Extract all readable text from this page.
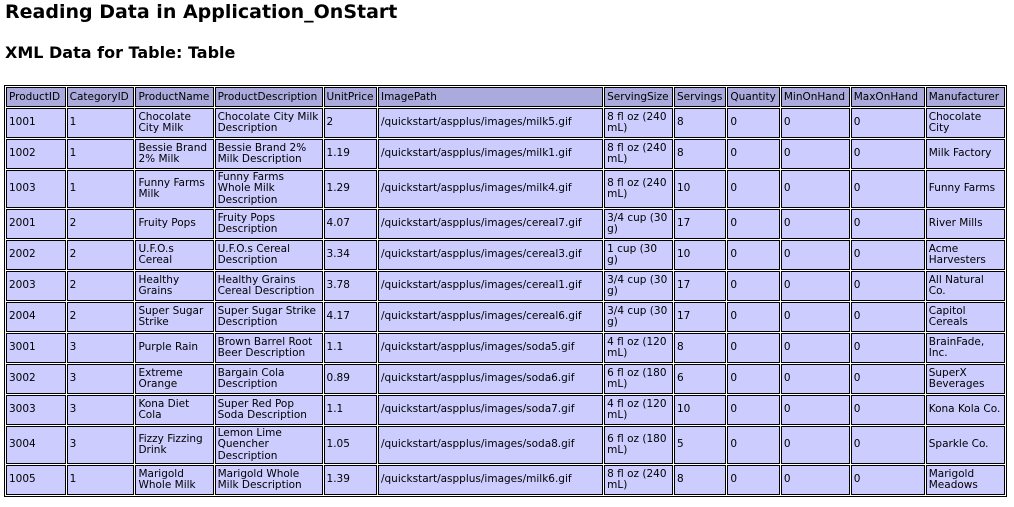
Reading Data in Application_OnStart
XML Data for Table: Table
ProductID	CategoryID	ProductName	ProductDescription	UnitPrice	ImagePath	ServingSize	Servings	Quantity	MinOnHand	MaxOnHand	Manufacturer
1001	1	Chocolate City Milk	Chocolate City Milk Description	2	/quickstart/aspplus/images/milk5.gif	8 fl oz (240 mL)	8	0	0	0	Chocolate City
1002	1	Bessie Brand 2% Milk	Bessie Brand 2% Milk Description	1.19	/quickstart/aspplus/images/milk1.gif	8 fl oz (240 mL)	8	0	0	0	Milk Factory
1003	1	Funny Farms Milk	Funny Farms Whole Milk Description	1.29	/quickstart/aspplus/images/milk4.gif	8 fl oz (240 mL)	10	0	0	0	Funny Farms
2001	2	Fruity Pops	Fruity Pops Description	4.07	/quickstart/aspplus/images/cereal7.gif	3/4 cup (30 g)	17	0	0	0	River Mills
2002	2	U.F.O.s Cereal	U.F.O.s Cereal Description	3.34	/quickstart/aspplus/images/cereal3.gif	1 cup (30 g)	10	0	0	0	Acme Harvesters
2003	2	Healthy Grains	Healthy Grains Cereal Description	3.78	/quickstart/aspplus/images/cereal1.gif	3/4 cup (30 g)	17	0	0	0	All Natural Co.
2004	2	Super Sugar Strike	Super Sugar Strike Description	4.17	/quickstart/aspplus/images/cereal6.gif	3/4 cup (30 g)	17	0	0	0	Capitol Cereals
3001	3	Purple Rain	Brown Barrel Root Beer Description	1.1	/quickstart/aspplus/images/soda5.gif	4 fl oz (120 mL)	8	0	0	0	BrainFade, Inc.
3002	3	Extreme Orange	Bargain Cola Description	0.89	/quickstart/aspplus/images/soda6.gif	6 fl oz (180 mL)	6	0	0	0	SuperX Beverages
3003	3	Kona Diet Cola	Super Red Pop Soda Description	1.1	/quickstart/aspplus/images/soda7.gif	4 fl oz (120 mL)	10	0	0	0	Kona Kola Co.
3004	3	Fizzy Fizzing Drink	Lemon Lime Quencher Description	1.05	/quickstart/aspplus/images/soda8.gif	6 fl oz (180 mL)	5	0	0	0	Sparkle Co.
1005	1	Marigold Whole Milk	Marigold Whole Milk Description	1.39	/quickstart/aspplus/images/milk6.gif	8 fl oz (240 mL)	8	0	0	0	Marigold Meadows
